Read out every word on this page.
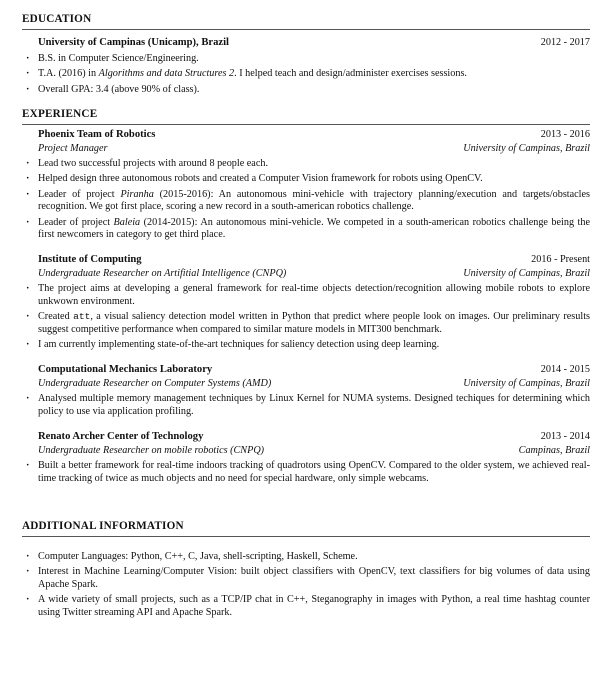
EDUCATION
University of Campinas (Unicamp), Brazil	2012 - 2017
· B.S. in Computer Science/Engineering.
· T.A. (2016) in Algorithms and data Structures 2. I helped teach and design/administer exercises sessions.
· Overall GPA: 3.4 (above 90% of class).
EXPERIENCE
Phoenix Team of Robotics	2013 - 2016
Project Manager	University of Campinas, Brazil
· Lead two successful projects with around 8 people each.
· Helped design three autonomous robots and created a Computer Vision framework for robots using OpenCV.
· Leader of project Piranha (2015-2016): An autonomous mini-vehicle with trajectory planning/execution and targets/obstacles recognition. We got first place, scoring a new record in a south-american robotics challenge.
· Leader of project Baleia (2014-2015): An autonomous mini-vehicle. We competed in a south-american robotics challenge being the first newcomers in category to get third place.
Institute of Computing	2016 - Present
Undergraduate Researcher on Artifitial Intelligence (CNPQ)	University of Campinas, Brazil
· The project aims at developing a general framework for real-time objects detection/recognition allowing mobile robots to explore unkwown environment.
· Created att, a visual saliency detection model written in Python that predict where people look on images. Our preliminary results suggest competitive performance when compared to similar mature models in MIT300 benchmark.
· I am currently implementing state-of-the-art techniques for saliency detection using deep learning.
Computational Mechanics Laboratory	2014 - 2015
Undergraduate Researcher on Computer Systems (AMD)	University of Campinas, Brazil
· Analysed multiple memory management techniques by Linux Kernel for NUMA systems. Designed techiques for determining which policy to use via application profiling.
Renato Archer Center of Technology	2013 - 2014
Undergraduate Researcher on mobile robotics (CNPQ)	Campinas, Brazil
· Built a better framework for real-time indoors tracking of quadrotors using OpenCV. Compared to the older system, we achieved real-time tracking of twice as much objects and no need for special hardware, only simple webcams.
ADDITIONAL INFORMATION
· Computer Languages: Python, C++, C, Java, shell-scripting, Haskell, Scheme.
· Interest in Machine Learning/Computer Vision: built object classifiers with OpenCV, text classifiers for big volumes of data using Apache Spark.
· A wide variety of small projects, such as a TCP/IP chat in C++, Steganography in images with Python, a real time hashtag counter using Twitter streaming API and Apache Spark.
